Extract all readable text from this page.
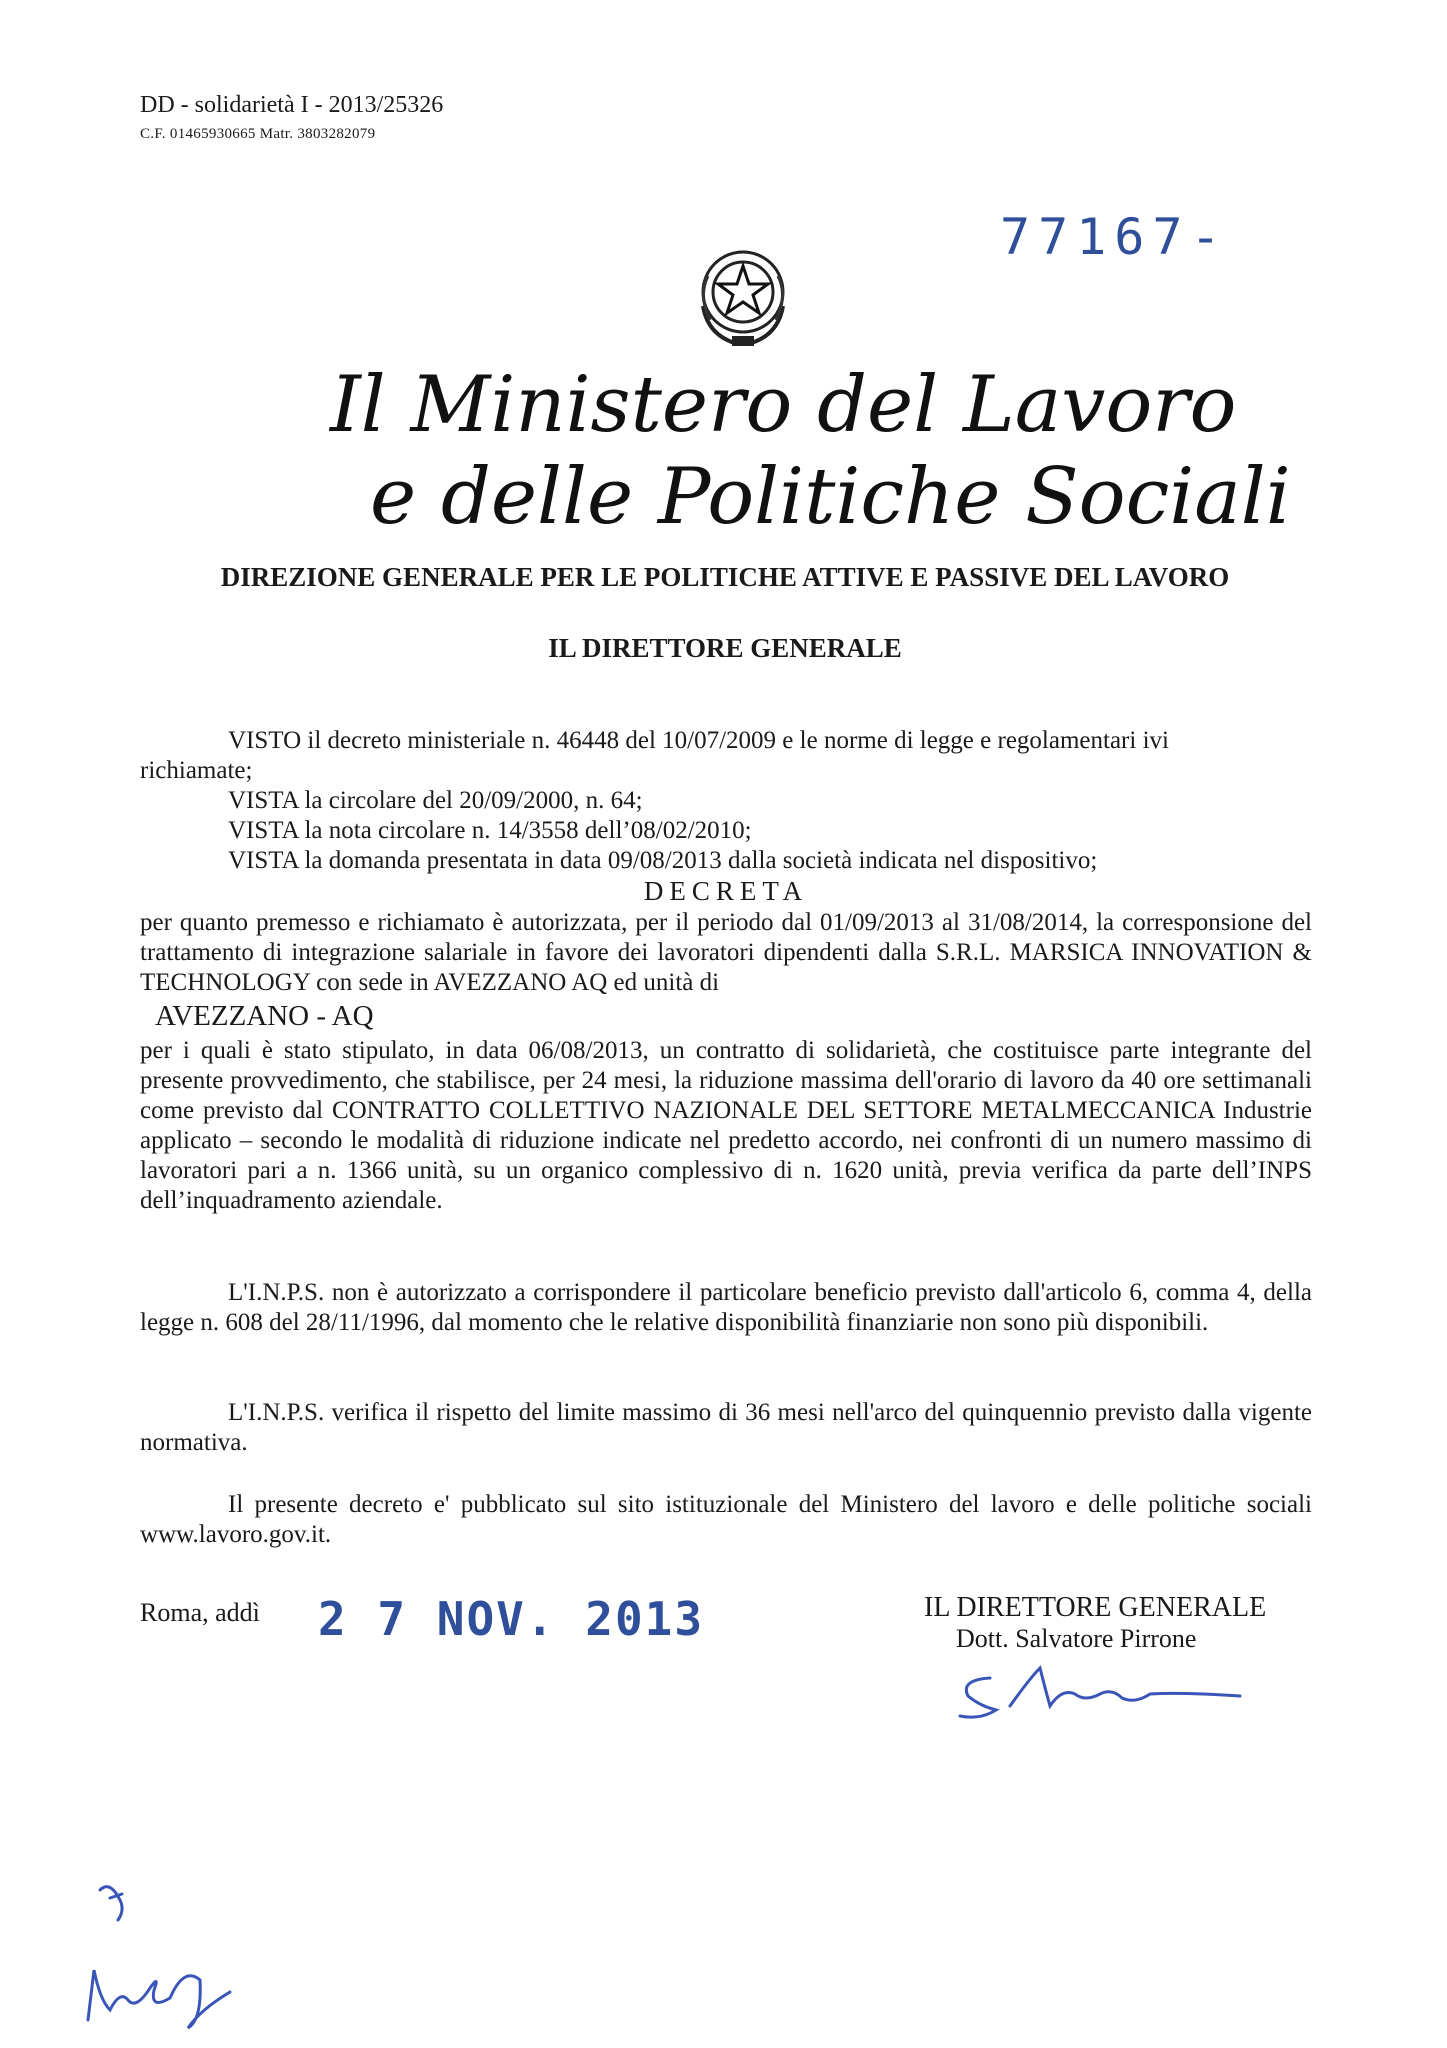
DD - solidarietà I - 2013/25326
C.F. 01465930665 Matr. 3803282079
77167-
Il Ministero del Lavoro
e delle Politiche Sociali
DIREZIONE GENERALE PER LE POLITICHE ATTIVE E PASSIVE DEL LAVORO
IL DIRETTORE GENERALE
VISTO il decreto ministeriale n. 46448 del 10/07/2009 e le norme di legge e regolamentari ivi
richiamate;
VISTA la circolare del 20/09/2000, n. 64;
VISTA la nota circolare n. 14/3558 dell’08/02/2010;
VISTA la domanda presentata in data 09/08/2013 dalla società indicata nel dispositivo;
DECRETA
per quanto premesso e richiamato è autorizzata, per il periodo dal 01/09/2013 al 31/08/2014, la corresponsione del trattamento di integrazione salariale in favore dei lavoratori dipendenti dalla S.R.L. MARSICA INNOVATION & TECHNOLOGY con sede in AVEZZANO AQ ed unità di
AVEZZANO - AQ
per i quali è stato stipulato, in data 06/08/2013, un contratto di solidarietà, che costituisce parte integrante del presente provvedimento, che stabilisce, per 24 mesi, la riduzione massima dell'orario di lavoro da 40 ore settimanali come previsto dal CONTRATTO COLLETTIVO NAZIONALE DEL SETTORE METALMECCANICA Industrie applicato – secondo le modalità di riduzione indicate nel predetto accordo, nei confronti di un numero massimo di lavoratori pari a n. 1366 unità, su un organico complessivo di n. 1620 unità, previa verifica da parte dell’INPS dell’inquadramento aziendale.
L'I.N.P.S. non è autorizzato a corrispondere il particolare beneficio previsto dall'articolo 6, comma 4, della legge n. 608 del 28/11/1996, dal momento che le relative disponibilità finanziarie non sono più disponibili.
L'I.N.P.S. verifica il rispetto del limite massimo di 36 mesi nell'arco del quinquennio previsto dalla vigente normativa.
Il presente decreto e' pubblicato sul sito istituzionale del Ministero del lavoro e delle politiche sociali www.lavoro.gov.it.
Roma, addì 2 7 NOV. 2013	IL DIRETTORE GENERALE
Dott. Salvatore Pirrone
